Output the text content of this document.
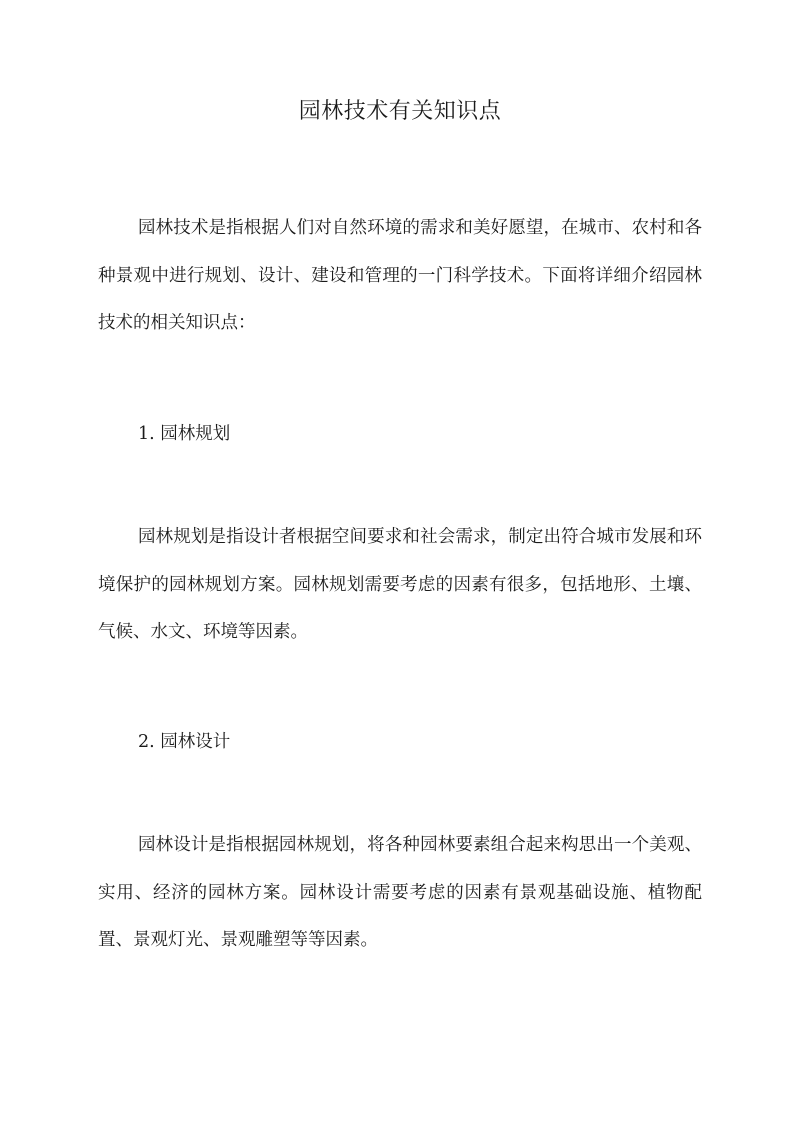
园林技术有关知识点

园林技术是指根据人们对自然环境的需求和美好愿望，在城市、农村和各种景观中进行规划、设计、建设和管理的一门科学技术。下面将详细介绍园林技术的相关知识点：

1. 园林规划

园林规划是指设计者根据空间要求和社会需求，制定出符合城市发展和环境保护的园林规划方案。园林规划需要考虑的因素有很多，包括地形、土壤、气候、水文、环境等因素。

2. 园林设计

园林设计是指根据园林规划，将各种园林要素组合起来构思出一个美观、实用、经济的园林方案。园林设计需要考虑的因素有景观基础设施、植物配置、景观灯光、景观雕塑等等因素。
